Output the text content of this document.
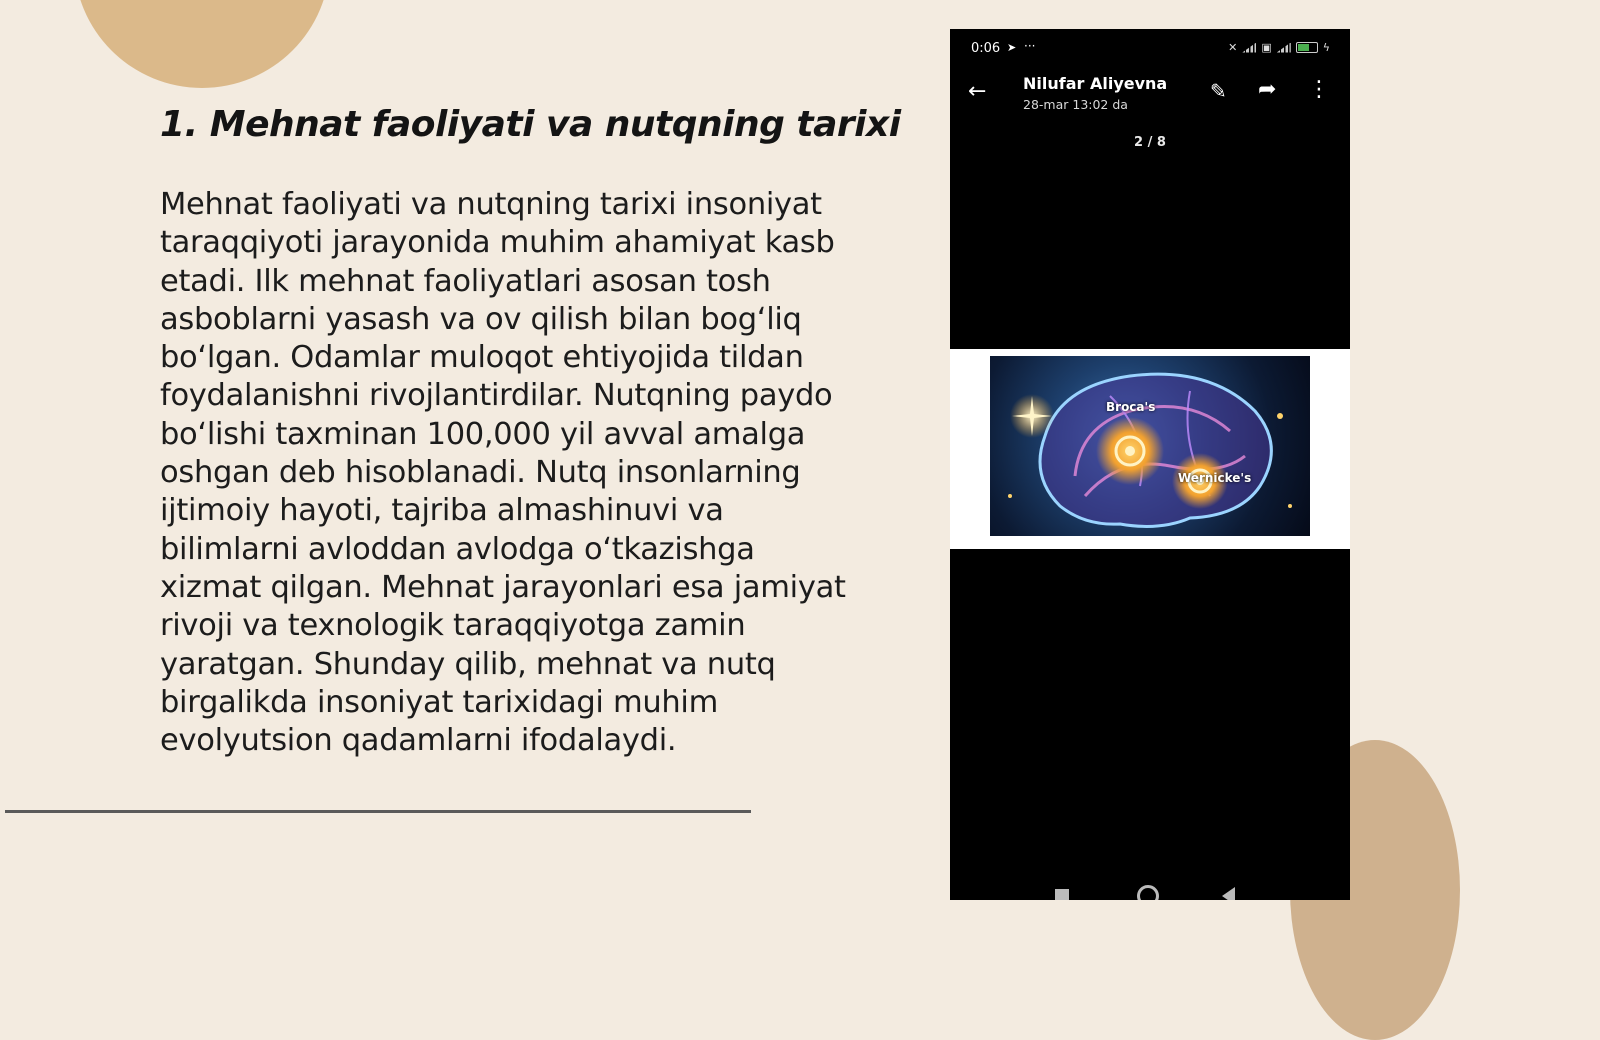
1. Mehnat faoliyati va nutqning tarixi

Mehnat faoliyati va nutqning tarixi insoniyat taraqqiyoti jarayonida muhim ahamiyat kasb etadi. Ilk mehnat faoliyatlari asosan tosh asboblarni yasash va ov qilish bilan bog‘liq bo‘lgan. Odamlar muloqot ehtiyojida tildan foydalanishni rivojlantirdilar. Nutqning paydo bo‘lishi taxminan 100,000 yil avval amalga oshgan deb hisoblanadi. Nutq insonlarning ijtimoiy hayoti, tajriba almashinuvi va bilimlarni avloddan avlodga o‘tkazishga xizmat qilgan. Mehnat jarayonlari esa jamiyat rivoji va texnologik taraqqiyotga zamin yaratgan. Shunday qilib, mehnat va nutq birgalikda insoniyat tarixidagi muhim evolyutsion qadamlarni ifodalaydi.

0:06 ➤ ···	✕ ▣	ϟ
← Nilufar Aliyevna
28-mar 13:02 da
✎ ➦ ⋮
2 / 8
Broca's
Wernicke's
